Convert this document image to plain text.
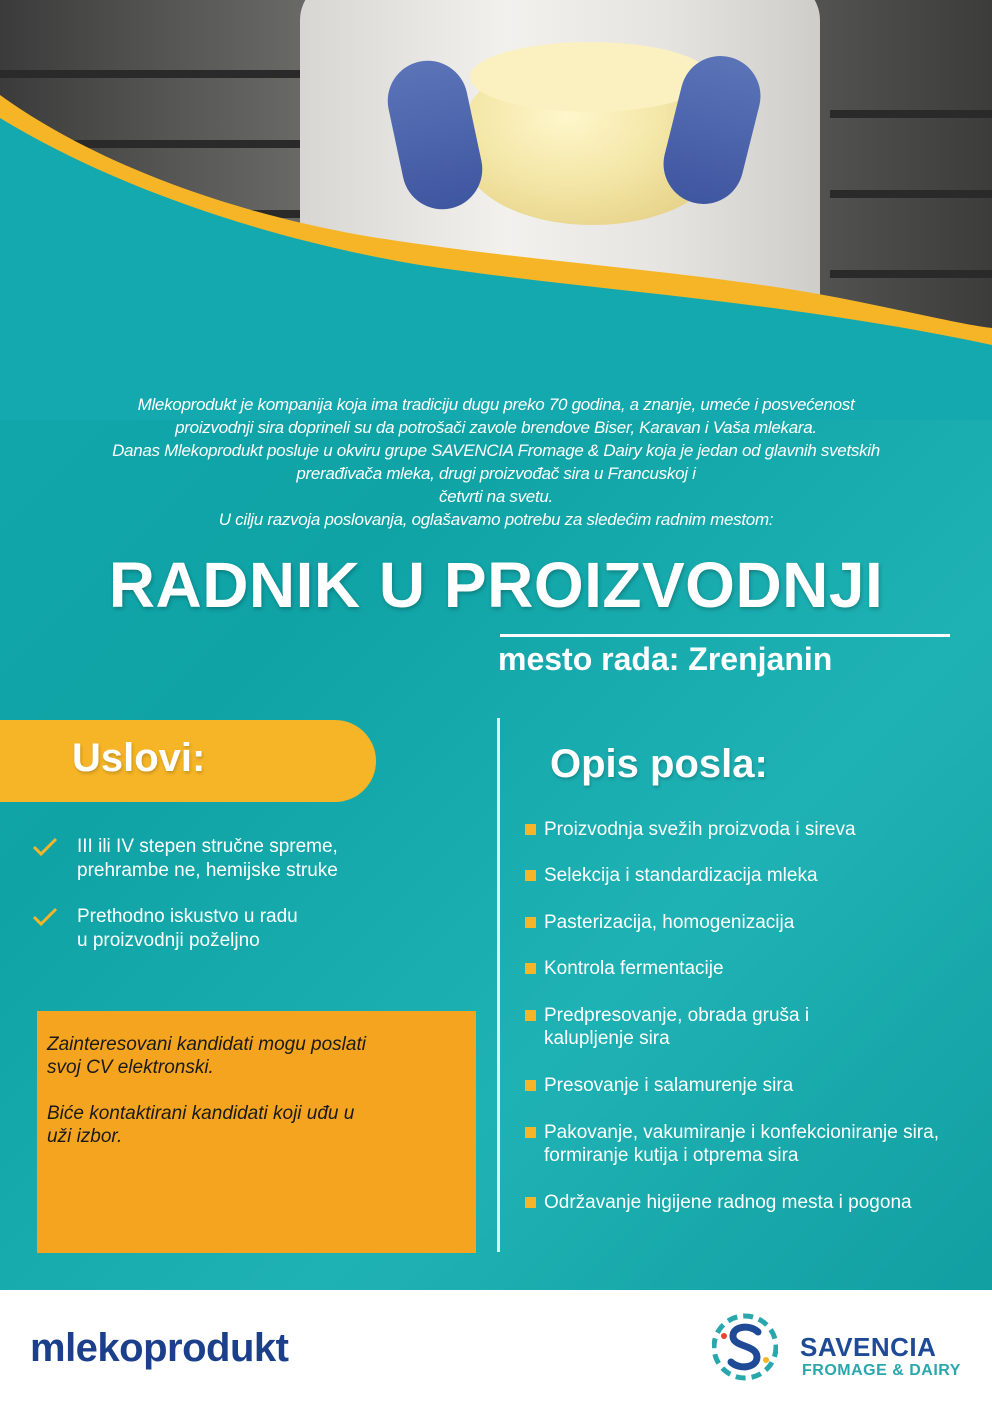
Mlekoprodukt je kompanija koja ima tradiciju dugu preko 70 godina, a znanje, umeće i posvećenost
proizvodnji sira doprineli su da potrošači zavole brendove Biser, Karavan i Vaša mlekara.
Danas Mlekoprodukt posluje u okviru grupe SAVENCIA Fromage & Dairy koja je jedan od glavnih svetskih
prerađivača mleka, drugi proizvođač sira u Francuskoj i
četvrti na svetu.
U cilju razvoja poslovanja, oglašavamo potrebu za sledećim radnim mestom:
RADNIK U PROIZVODNJI
mesto rada: Zrenjanin
Uslovi:
III ili IV stepen stručne spreme,
prehrambe ne, hemijske struke
Prethodno iskustvo u radu
u proizvodnji poželjno
Opis posla:
Proizvodnja svežih proizvoda i sireva
Selekcija i standardizacija mleka
Pasterizacija, homogenizacija
Kontrola fermentacije
Predpresovanje, obrada gruša i
kalupljenje sira
Presovanje i salamurenje sira
Pakovanje, vakumiranje i konfekcioniranje sira,
formiranje kutija i otprema sira
Održavanje higijene radnog mesta i pogona

Zainteresovani kandidati mogu poslati
svoj CV elektronski.

Biće kontaktirani kandidati koji uđu u
uži izbor.

mlekoprodukt	SAVENCIA
FROMAGE & DAIRY
